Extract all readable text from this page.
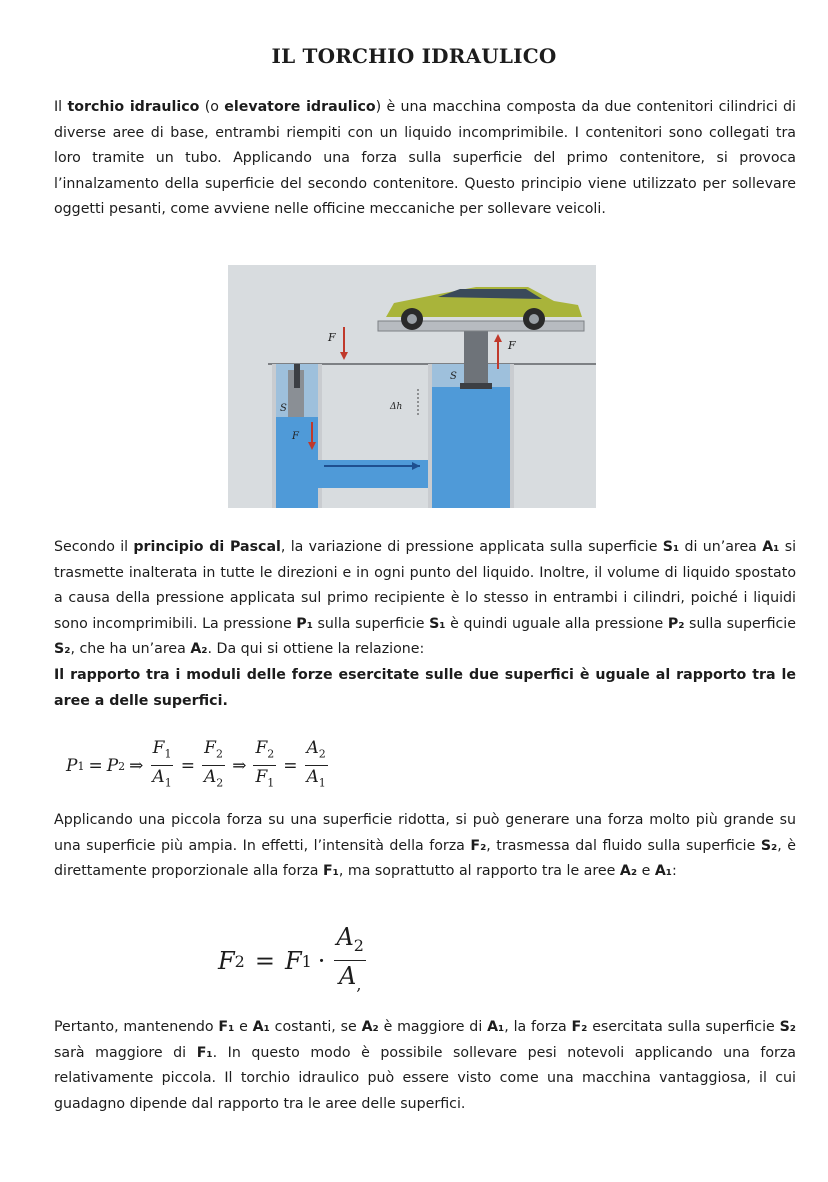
IL TORCHIO IDRAULICO

Il torchio idraulico (o elevatore idraulico) è una macchina composta da due contenitori cilindrici di diverse aree di base, entrambi riempiti con un liquido incomprimibile. I contenitori sono collegati tra loro tramite un tubo. Applicando una forza sulla superficie del primo contenitore, si provoca l’innalzamento della superficie del secondo contenitore. Questo principio viene utilizzato per sollevare oggetti pesanti, come avviene nelle officine meccaniche per sollevare veicoli.

F
F
S
Δh
S
F

Secondo il principio di Pascal, la variazione di pressione applicata sulla superficie S₁ di un’area A₁ si trasmette inalterata in tutte le direzioni e in ogni punto del liquido. Inoltre, il volume di liquido spostato a causa della pressione applicata sul primo recipiente è lo stesso in entrambi i cilindri, poiché i liquidi sono incomprimibili. La pressione P₁ sulla superficie S₁ è quindi uguale alla pressione P₂ sulla superficie S₂, che ha un’area A₂. Da qui si ottiene la relazione:
Il rapporto tra i moduli delle forze esercitate sulle due superfici è uguale al rapporto tra le aree a delle superfici.

P 1 = P 2 ⇒ $\frac{F_1}{A_1} = \frac{F_2}{A_2}$ ⇒ $\frac{F_2}{F_1} = \frac{A_2}{A_1}$

Applicando una piccola forza su una superficie ridotta, si può generare una forza molto più grande su una superficie più ampia. In effetti, l’intensità della forza F₂, trasmessa dal fluido sulla superficie S₂, è direttamente proporzionale alla forza F₁, ma soprattutto al rapporto tra le aree A₂ e A₁:

F 2 = F $1 \cdot \frac{A_2}{A_,}$

Pertanto, mantenendo F₁ e A₁ costanti, se A₂ è maggiore di A₁, la forza F₂ esercitata sulla superficie S₂ sarà maggiore di F₁. In questo modo è possibile sollevare pesi notevoli applicando una forza relativamente piccola. Il torchio idraulico può essere visto come una macchina vantaggiosa, il cui guadagno dipende dal rapporto tra le aree delle superfici.
